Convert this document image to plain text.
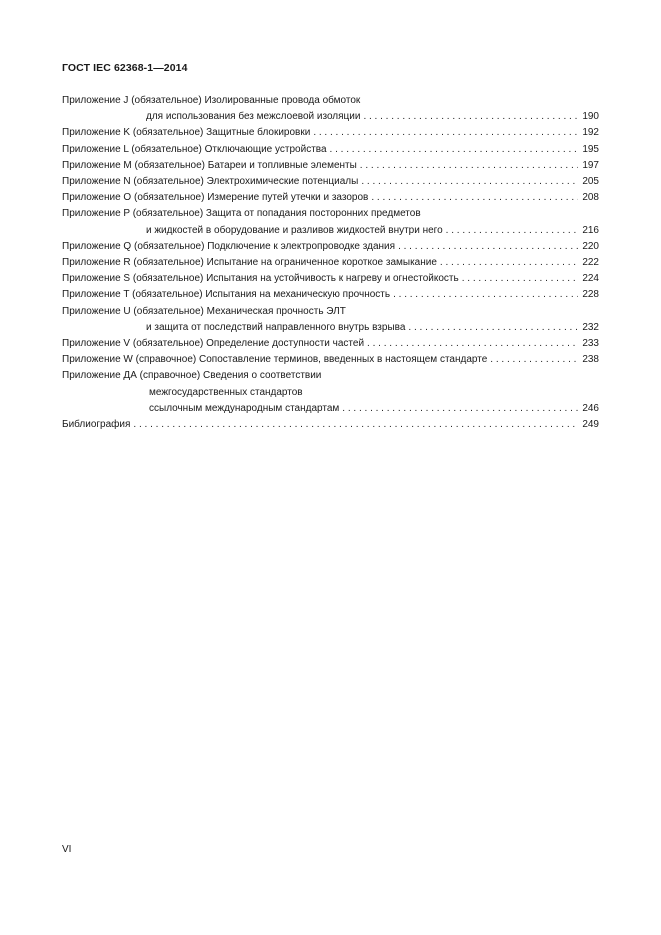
ГОСТ IEC 62368-1—2014
Приложение J (обязательное) Изолированные провода обмоток
для использования без межслоевой изоляции . . .	190
Приложение K (обязательное) Защитные блокировки . . .	192
Приложение L (обязательное) Отключающие устройства . . .	195
Приложение M (обязательное) Батареи и топливные элементы . . .	197
Приложение N (обязательное) Электрохимические потенциалы . . .	205
Приложение O (обязательное) Измерение путей утечки и зазоров . . .	208
Приложение P (обязательное) Защита от попадания посторонних предметов
и жидкостей в оборудование и разливов жидкостей внутри него . . .	216
Приложение Q (обязательное) Подключение к электропроводке здания . . .	220
Приложение R (обязательное) Испытание на ограниченное короткое замыкание . . .	222
Приложение S (обязательное) Испытания на устойчивость к нагреву и огнестойкость . . .	224
Приложение T (обязательное) Испытания на механическую прочность . . .	228
Приложение U (обязательное) Механическая прочность ЭЛТ
и защита от последствий направленного внутрь взрыва . . .	232
Приложение V (обязательное) Определение доступности частей . . .	233
Приложение W (справочное) Сопоставление терминов, введенных в настоящем стандарте . . .	238
Приложение ДА (справочное) Сведения о соответствии
межгосударственных стандартов
ссылочным международным стандартам . . .	246
Библиография . . .	249
VI
